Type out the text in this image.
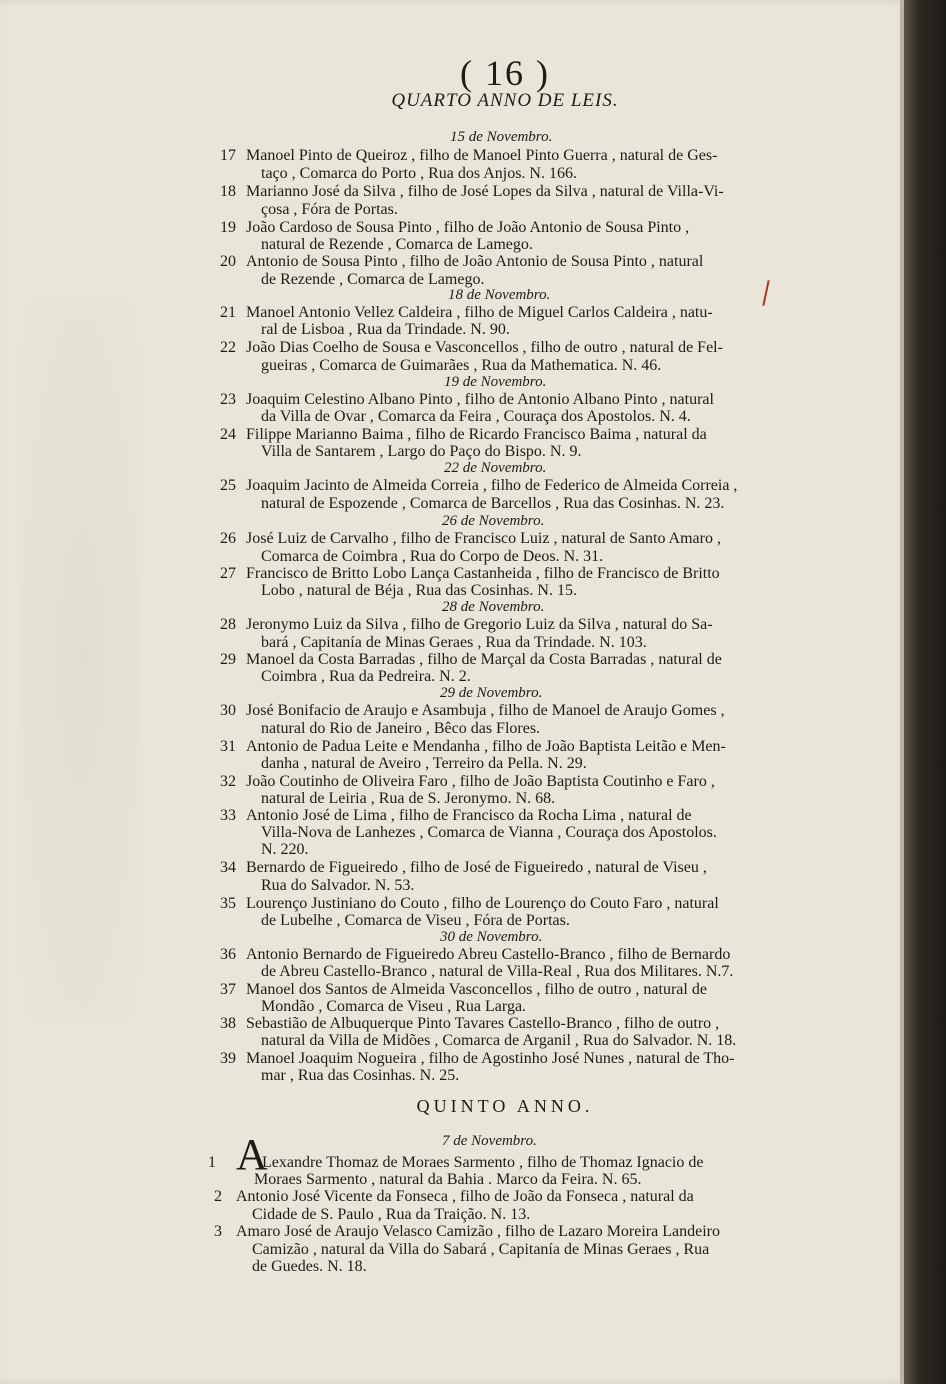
( 16 )
QUARTO ANNO DE LEIS.
15 de Novembro.
17 Manoel Pinto de Queiroz , filho de Manoel Pinto Guerra , natural de Ges-
taço , Comarca do Porto , Rua dos Anjos. N. 166.
18 Marianno José da Silva , filho de José Lopes da Silva , natural de Villa-Vi-
çosa , Fóra de Portas.
19 João Cardoso de Sousa Pinto , filho de João Antonio de Sousa Pinto ,
natural de Rezende , Comarca de Lamego.
20 Antonio de Sousa Pinto , filho de João Antonio de Sousa Pinto , natural
de Rezende , Comarca de Lamego.
18 de Novembro.
21 Manoel Antonio Vellez Caldeira , filho de Miguel Carlos Caldeira , natu-
ral de Lisboa , Rua da Trindade. N. 90.
22 João Dias Coelho de Sousa e Vasconcellos , filho de outro , natural de Fel-
gueiras , Comarca de Guimarães , Rua da Mathematica. N. 46.
19 de Novembro.
23 Joaquim Celestino Albano Pinto , filho de Antonio Albano Pinto , natural
da Villa de Ovar , Comarca da Feira , Couraça dos Apostolos. N. 4.
24 Filippe Marianno Baima , filho de Ricardo Francisco Baima , natural da
Villa de Santarem , Largo do Paço do Bispo. N. 9.
22 de Novembro.
25 Joaquim Jacinto de Almeida Correia , filho de Federico de Almeida Correia ,
natural de Espozende , Comarca de Barcellos , Rua das Cosinhas. N. 23.
26 de Novembro.
26 José Luiz de Carvalho , filho de Francisco Luiz , natural de Santo Amaro ,
Comarca de Coimbra , Rua do Corpo de Deos. N. 31.
27 Francisco de Britto Lobo Lança Castanheida , filho de Francisco de Britto
Lobo , natural de Béja , Rua das Cosinhas. N. 15.
28 de Novembro.
28 Jeronymo Luiz da Silva , filho de Gregorio Luiz da Silva , natural do Sa-
bará , Capitanía de Minas Geraes , Rua da Trindade. N. 103.
29 Manoel da Costa Barradas , filho de Marçal da Costa Barradas , natural de
Coimbra , Rua da Pedreira. N. 2.
29 de Novembro.
30 José Bonifacio de Araujo e Asambuja , filho de Manoel de Araujo Gomes ,
natural do Rio de Janeiro , Bêco das Flores.
31 Antonio de Padua Leite e Mendanha , filho de João Baptista Leitão e Men-
danha , natural de Aveiro , Terreiro da Pella. N. 29.
32 João Coutinho de Oliveira Faro , filho de João Baptista Coutinho e Faro ,
natural de Leiria , Rua de S. Jeronymo. N. 68.
33 Antonio José de Lima , filho de Francisco da Rocha Lima , natural de
Villa-Nova de Lanhezes , Comarca de Vianna , Couraça dos Apostolos.
N. 220.
34 Bernardo de Figueiredo , filho de José de Figueiredo , natural de Viseu ,
Rua do Salvador. N. 53.
35 Lourenço Justiniano do Couto , filho de Lourenço do Couto Faro , natural
de Lubelhe , Comarca de Viseu , Fóra de Portas.
30 de Novembro.
36 Antonio Bernardo de Figueiredo Abreu Castello-Branco , filho de Bernardo
de Abreu Castello-Branco , natural de Villa-Real , Rua dos Militares. N.7.
37 Manoel dos Santos de Almeida Vasconcellos , filho de outro , natural de
Mondão , Comarca de Viseu , Rua Larga.
38 Sebastião de Albuquerque Pinto Tavares Castello-Branco , filho de outro ,
natural da Villa de Midões , Comarca de Arganil , Rua do Salvador. N. 18.
39 Manoel Joaquim Nogueira , filho de Agostinho José Nunes , natural de Tho-
mar , Rua das Cosinhas. N. 25.
QUINTO ANNO.
7 de Novembro.
A
1	Lexandre Thomaz de Moraes Sarmento , filho de Thomaz Ignacio de
Moraes Sarmento , natural da Bahia . Marco da Feira. N. 65.
2 Antonio José Vicente da Fonseca , filho de João da Fonseca , natural da
Cidade de S. Paulo , Rua da Traição. N. 13.
3 Amaro José de Araujo Velasco Camizão , filho de Lazaro Moreira Landeiro
Camizão , natural da Villa do Sabará , Capitanía de Minas Geraes , Rua
de Guedes. N. 18.
